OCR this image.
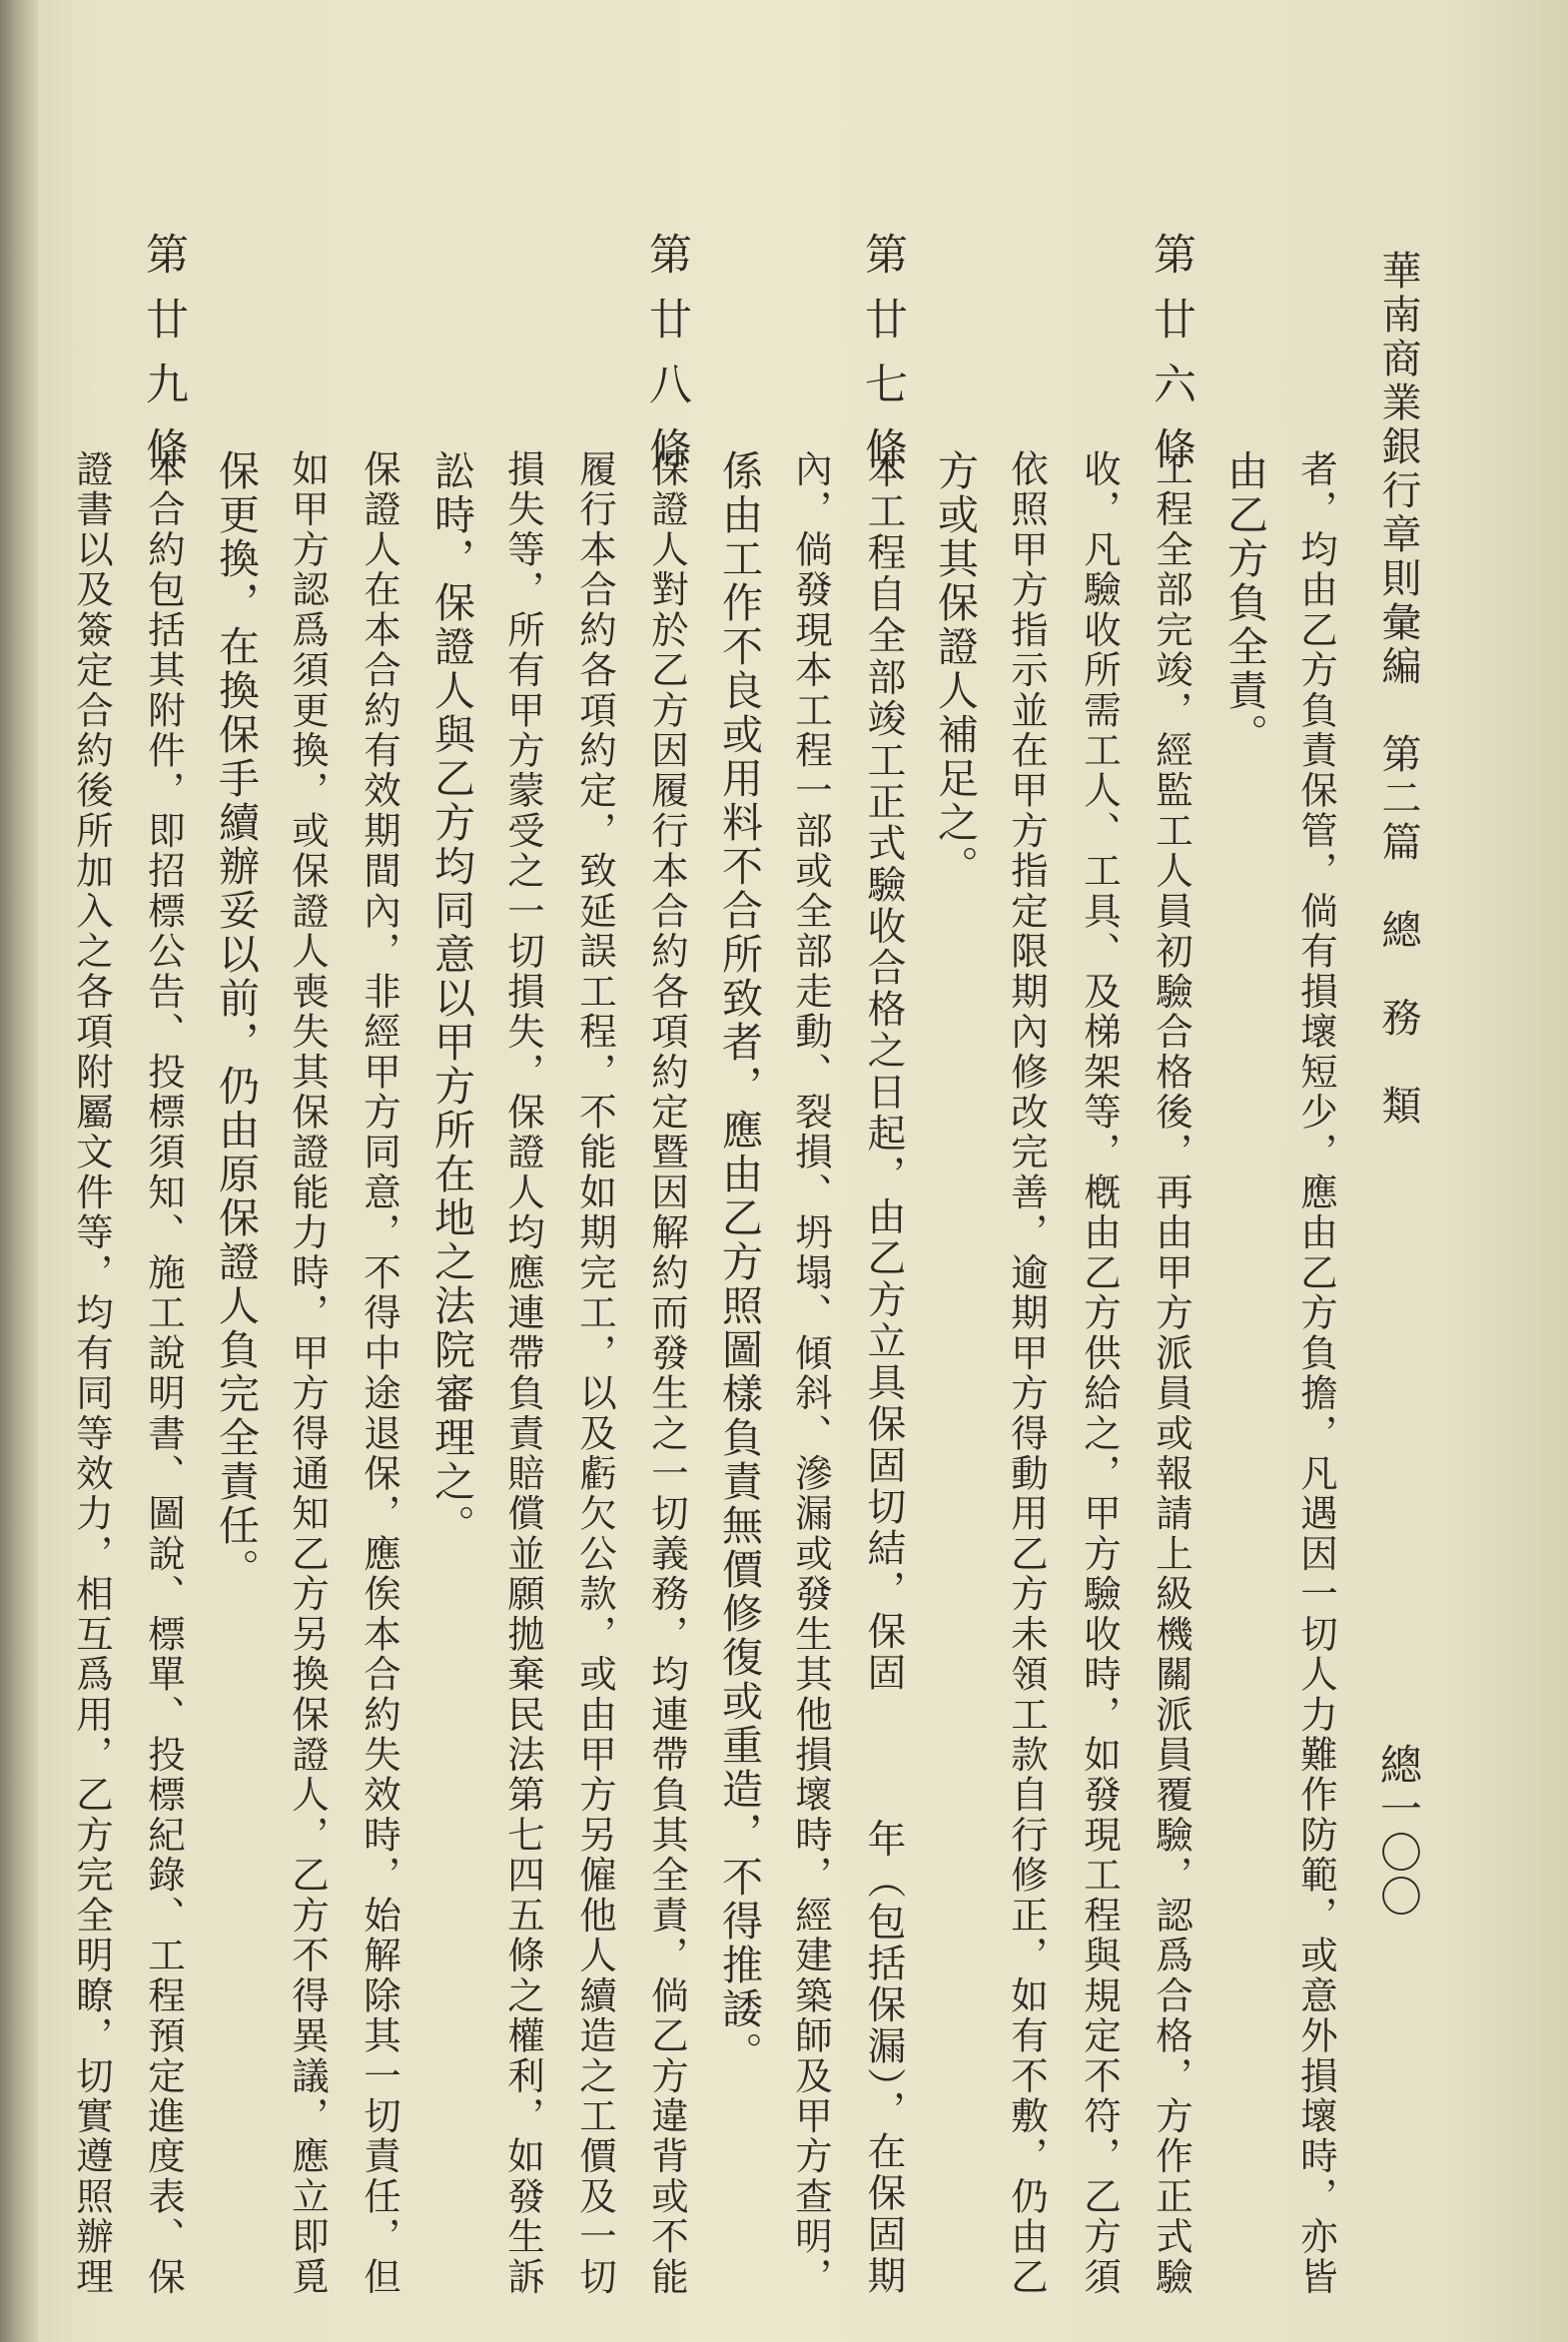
華南商業銀行章則彙編　第二篇　總　務　類
總一〇〇
者，均由乙方負責保管，倘有損壞短少，應由乙方負擔，凡遇因一切人力難作防範，或意外損壞時，亦皆
由乙方負全責。
第廿六條
工程全部完竣，經監工人員初驗合格後，再由甲方派員或報請上級機關派員覆驗，認爲合格，方作正式驗
收，凡驗收所需工人、工具、及梯架等，槪由乙方供給之，甲方驗收時，如發現工程與規定不符，乙方須
依照甲方指示並在甲方指定限期內修改完善，逾期甲方得動用乙方未領工款自行修正，如有不敷，仍由乙
方或其保證人補足之。
第廿七條
本工程自全部竣工正式驗收合格之日起，由乙方立具保固切結，保固　　　年（包括保漏），在保固期
內，倘發現本工程一部或全部走動、裂損、坍塌、傾斜、滲漏或發生其他損壞時，經建築師及甲方查明，
係由工作不良或用料不合所致者，應由乙方照圖樣負責無價修復或重造，不得推諉。
第廿八條
保證人對於乙方因履行本合約各項約定暨因解約而發生之一切義務，均連帶負其全責，倘乙方違背或不能
履行本合約各項約定，致延誤工程，不能如期完工，以及虧欠公款，或由甲方另僱他人續造之工價及一切
損失等，所有甲方蒙受之一切損失，保證人均應連帶負責賠償並願拋棄民法第七四五條之權利，如發生訴
訟時，保證人與乙方均同意以甲方所在地之法院審理之。
保證人在本合約有效期間內，非經甲方同意，不得中途退保，應俟本合約失效時，始解除其一切責任，但
如甲方認爲須更換，或保證人喪失其保證能力時，甲方得通知乙方另換保證人，乙方不得異議，應立即覓
保更換，在換保手續辦妥以前，仍由原保證人負完全責任。
第廿九條
本合約包括其附件，即招標公告、投標須知、施工說明書、圖說、標單、投標紀錄、工程預定進度表、保
證書以及簽定合約後所加入之各項附屬文件等，均有同等效力，相互爲用，乙方完全明瞭，切實遵照辦理
